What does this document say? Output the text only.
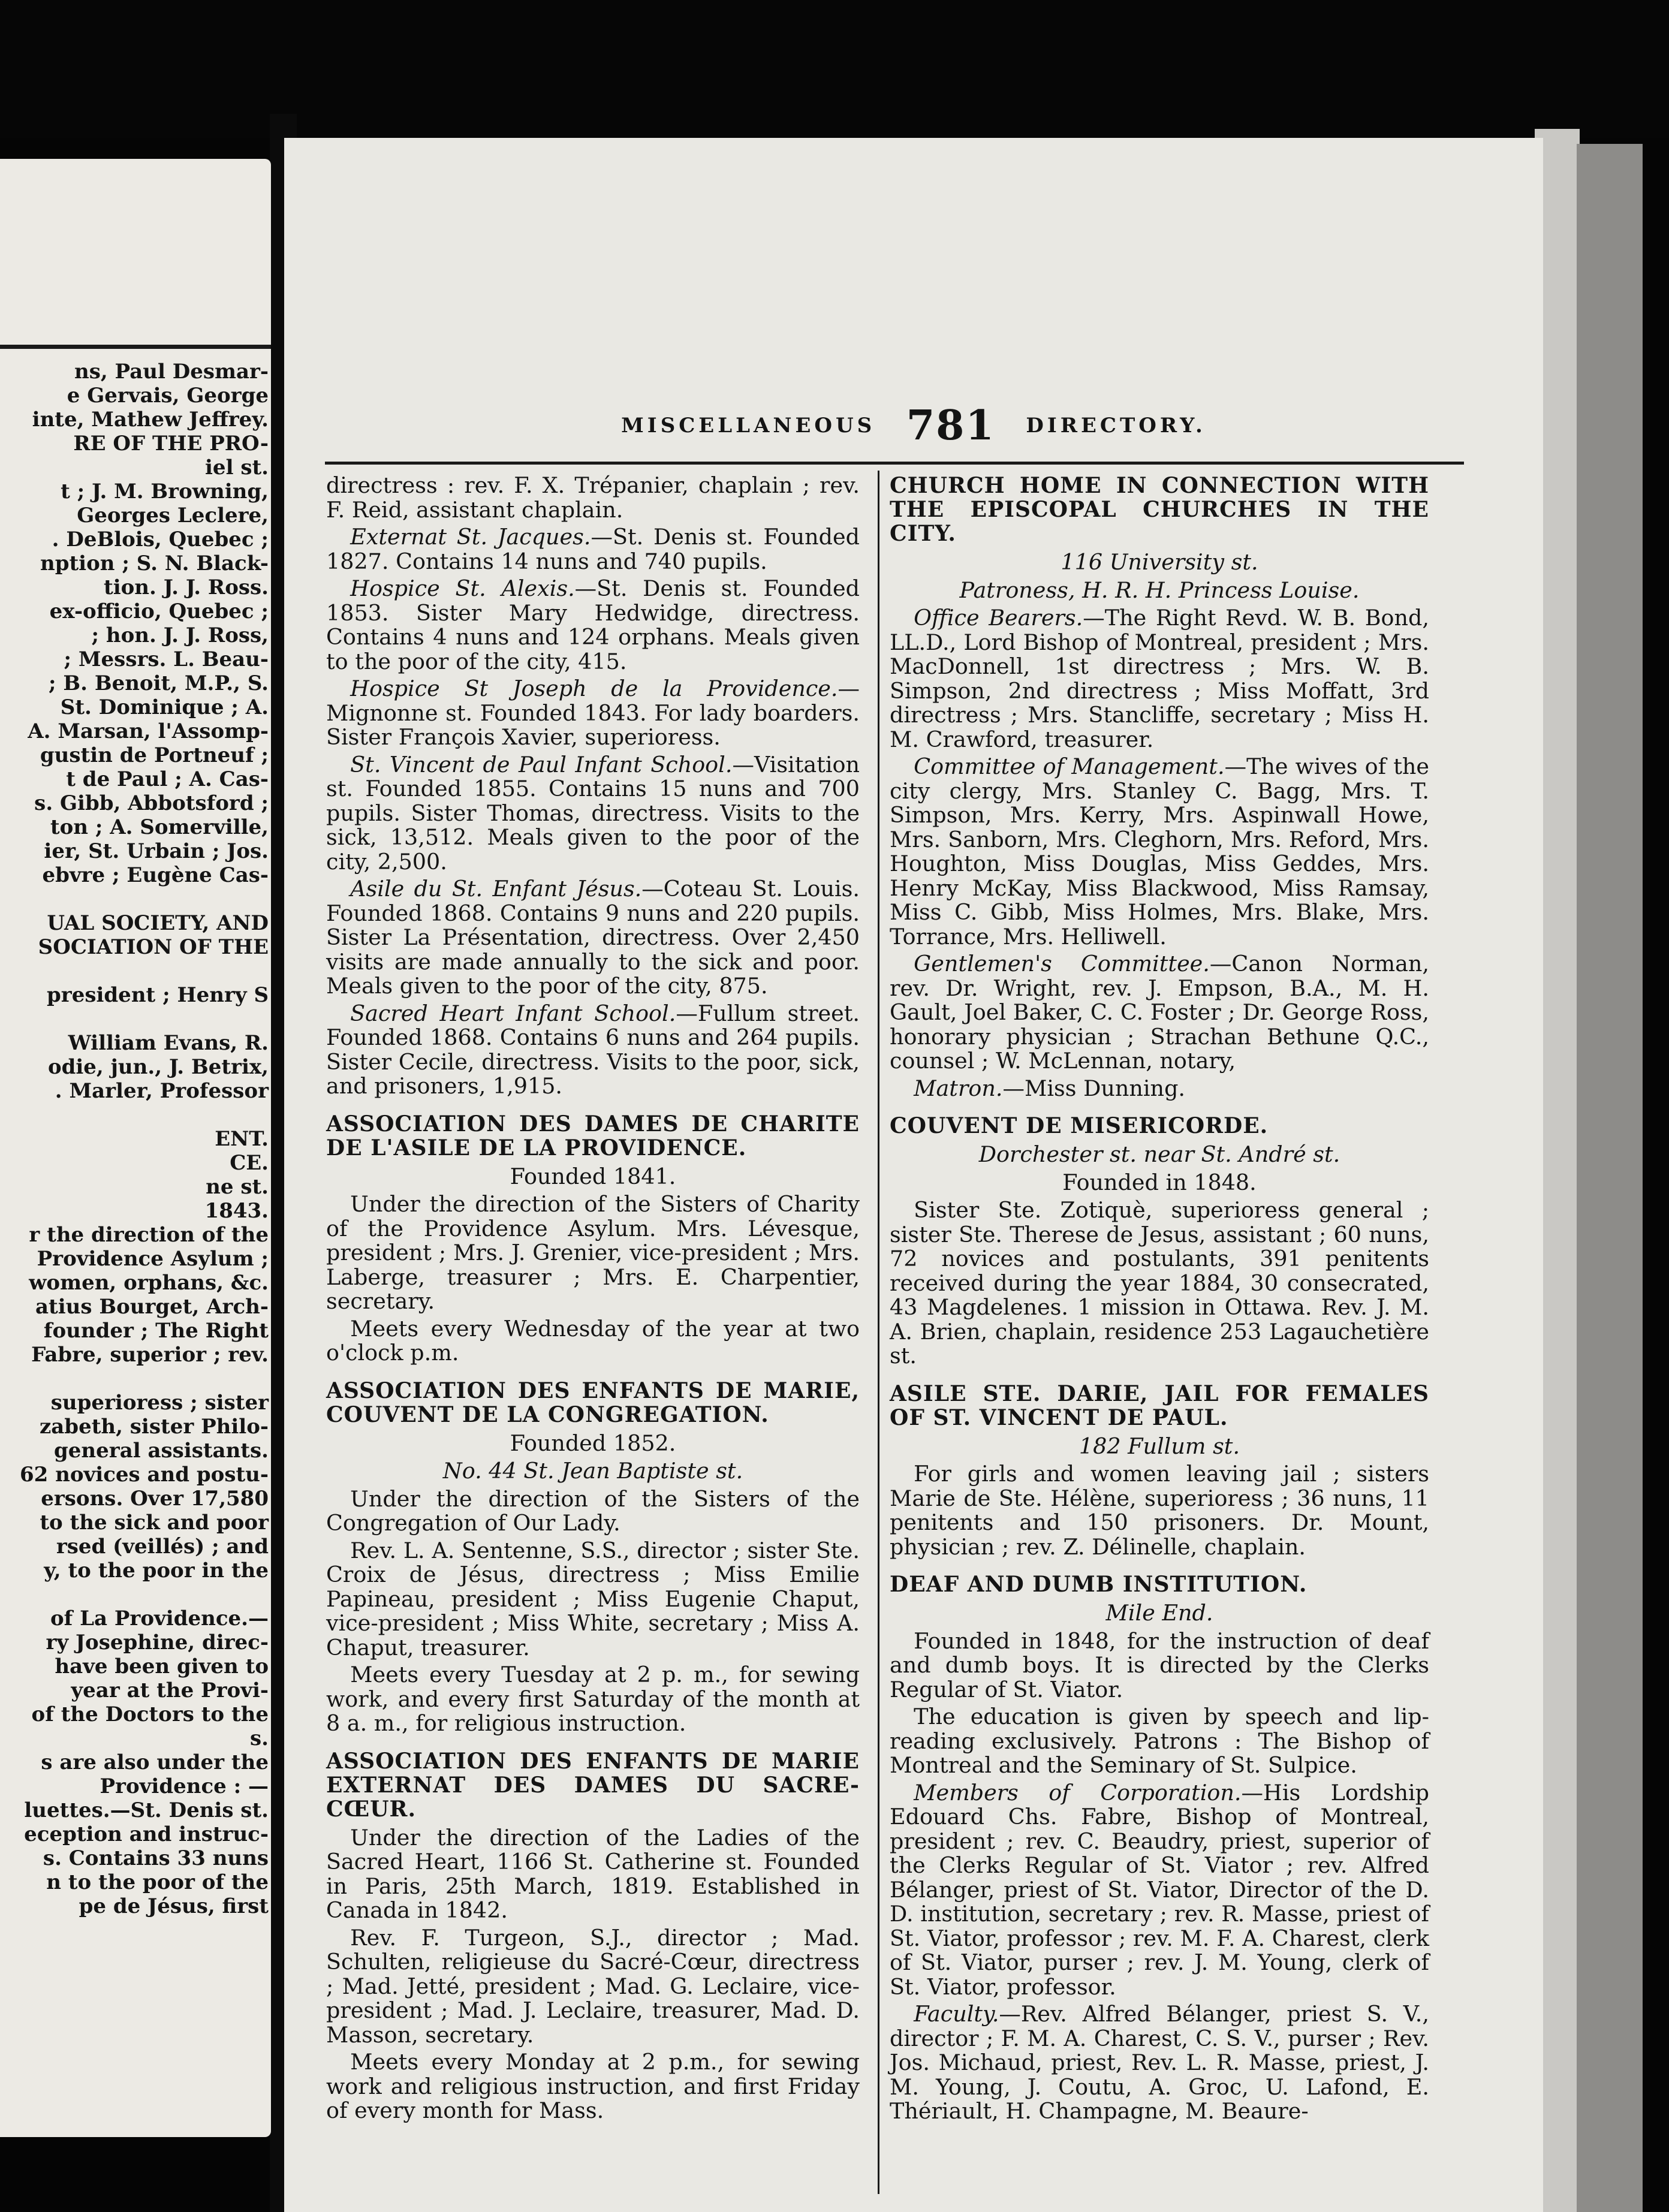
ns, Paul Desmar-
e Gervais, George
inte, Mathew Jeffrey.
RE OF THE PRO-
iel st.
t ; J. M. Browning,
Georges Leclere,
. DeBlois, Quebec ;
nption ; S. N. Black-
tion. J. J. Ross.
ex-officio, Quebec ;
; hon. J. J. Ross,
; Messrs. L. Beau-
; B. Benoit, M.P., S.
St. Dominique ; A.
A. Marsan, l'Assomp-
gustin de Portneuf ;
t de Paul ; A. Cas-
s. Gibb, Abbotsford ;
ton ; A. Somerville,
ier, St. Urbain ; Jos.
ebvre ; Eugène Cas-

UAL SOCIETY, AND
SOCIATION OF THE

president ; Henry S

William Evans, R.
odie, jun., J. Betrix,
. Marler, Professor

ENT.
CE.
ne st.
1843.
r the direction of the
Providence Asylum ;
women, orphans, &c.
atius Bourget, Arch-
founder ; The Right
Fabre, superior ; rev.

superioress ; sister
zabeth, sister Philo-
general assistants.
62 novices and postu-
ersons. Over 17,580
to the sick and poor
rsed (veillés) ; and
y, to the poor in the

of La Providence.—
ry Josephine, direc-
have been given to
year at the Provi-
of the Doctors to the
s.
s are also under the
Providence : —
luettes.—St. Denis st.
eception and instruc-
s. Contains 33 nuns
n to the poor of the
pe de Jésus, first
MISCELLANEOUS 781 DIRECTORY.
directress : rev. F. X. Trépanier, chaplain ; rev. F. Reid, assistant chaplain.
Externat St. Jacques.—St. Denis st. Founded 1827. Contains 14 nuns and 740 pupils.
Hospice St. Alexis.—St. Denis st. Founded 1853. Sister Mary Hedwidge, directress. Contains 4 nuns and 124 orphans. Meals given to the poor of the city, 415.
Hospice St Joseph de la Providence.—Mignonne st. Founded 1843. For lady boarders. Sister François Xavier, superioress.
St. Vincent de Paul Infant School.—Visitation st. Founded 1855. Contains 15 nuns and 700 pupils. Sister Thomas, directress. Visits to the sick, 13,512. Meals given to the poor of the city, 2,500.
Asile du St. Enfant Jésus.—Coteau St. Louis. Founded 1868. Contains 9 nuns and 220 pupils. Sister La Présentation, directress. Over 2,450 visits are made annually to the sick and poor. Meals given to the poor of the city, 875.
Sacred Heart Infant School.—Fullum street. Founded 1868. Contains 6 nuns and 264 pupils. Sister Cecile, directress. Visits to the poor, sick, and prisoners, 1,915.
ASSOCIATION DES DAMES DE CHARITE DE L'ASILE DE LA PROVIDENCE.
Founded 1841.
Under the direction of the Sisters of Charity of the Providence Asylum. Mrs. Lévesque, president ; Mrs. J. Grenier, vice-president ; Mrs. Laberge, treasurer ; Mrs. E. Charpentier, secretary.
Meets every Wednesday of the year at two o'clock p.m.
ASSOCIATION DES ENFANTS DE MARIE, COUVENT DE LA CONGREGATION.
Founded 1852.
No. 44 St. Jean Baptiste st.
Under the direction of the Sisters of the Congregation of Our Lady.
Rev. L. A. Sentenne, S.S., director ; sister Ste. Croix de Jésus, directress ; Miss Emilie Papineau, president ; Miss Eugenie Chaput, vice-president ; Miss White, secretary ; Miss A. Chaput, treasurer.
Meets every Tuesday at 2 p. m., for sewing work, and every first Saturday of the month at 8 a. m., for religious instruction.
ASSOCIATION DES ENFANTS DE MARIE EXTERNAT DES DAMES DU SACRE-CŒUR.
Under the direction of the Ladies of the Sacred Heart, 1166 St. Catherine st. Founded in Paris, 25th March, 1819. Established in Canada in 1842.
Rev. F. Turgeon, S.J., director ; Mad. Schulten, religieuse du Sacré-Cœur, directress ; Mad. Jetté, president ; Mad. G. Leclaire, vice-president ; Mad. J. Leclaire, treasurer, Mad. D. Masson, secretary.
Meets every Monday at 2 p.m., for sewing work and religious instruction, and first Friday of every month for Mass.
CHURCH HOME IN CONNECTION WITH THE EPISCOPAL CHURCHES IN THE CITY.
116 University st.
Patroness, H. R. H. Princess Louise.
Office Bearers.—The Right Revd. W. B. Bond, LL.D., Lord Bishop of Montreal, president ; Mrs. MacDonnell, 1st directress ; Mrs. W. B. Simpson, 2nd directress ; Miss Moffatt, 3rd directress ; Mrs. Stancliffe, secretary ; Miss H. M. Crawford, treasurer.
Committee of Management.—The wives of the city clergy, Mrs. Stanley C. Bagg, Mrs. T. Simpson, Mrs. Kerry, Mrs. Aspinwall Howe, Mrs. Sanborn, Mrs. Cleghorn, Mrs. Reford, Mrs. Houghton, Miss Douglas, Miss Geddes, Mrs. Henry McKay, Miss Blackwood, Miss Ramsay, Miss C. Gibb, Miss Holmes, Mrs. Blake, Mrs. Torrance, Mrs. Helliwell.
Gentlemen's Committee.—Canon Norman, rev. Dr. Wright, rev. J. Empson, B.A., M. H. Gault, Joel Baker, C. C. Foster ; Dr. George Ross, honorary physician ; Strachan Bethune Q.C., counsel ; W. McLennan, notary,
Matron.—Miss Dunning.
COUVENT DE MISERICORDE.
Dorchester st. near St. André st.
Founded in 1848.
Sister Ste. Zotiquè, superioress general ; sister Ste. Therese de Jesus, assistant ; 60 nuns, 72 novices and postulants, 391 penitents received during the year 1884, 30 consecrated, 43 Magdelenes. 1 mission in Ottawa. Rev. J. M. A. Brien, chaplain, residence 253 Lagauchetière st.
ASILE STE. DARIE, JAIL FOR FEMALES OF ST. VINCENT DE PAUL.
182 Fullum st.
For girls and women leaving jail ; sisters Marie de Ste. Hélène, superioress ; 36 nuns, 11 penitents and 150 prisoners. Dr. Mount, physician ; rev. Z. Délinelle, chaplain.
DEAF AND DUMB INSTITUTION.
Mile End.
Founded in 1848, for the instruction of deaf and dumb boys. It is directed by the Clerks Regular of St. Viator.
The education is given by speech and lip-reading exclusively. Patrons : The Bishop of Montreal and the Seminary of St. Sulpice.
Members of Corporation.—His Lordship Edouard Chs. Fabre, Bishop of Montreal, president ; rev. C. Beaudry, priest, superior of the Clerks Regular of St. Viator ; rev. Alfred Bélanger, priest of St. Viator, Director of the D. D. institution, secretary ; rev. R. Masse, priest of St. Viator, professor ; rev. M. F. A. Charest, clerk of St. Viator, purser ; rev. J. M. Young, clerk of St. Viator, professor.
Faculty.—Rev. Alfred Bélanger, priest S. V., director ; F. M. A. Charest, C. S. V., purser ; Rev. Jos. Michaud, priest, Rev. L. R. Masse, priest, J. M. Young, J. Coutu, A. Groc, U. Lafond, E. Thériault, H. Champagne, M. Beaure-
